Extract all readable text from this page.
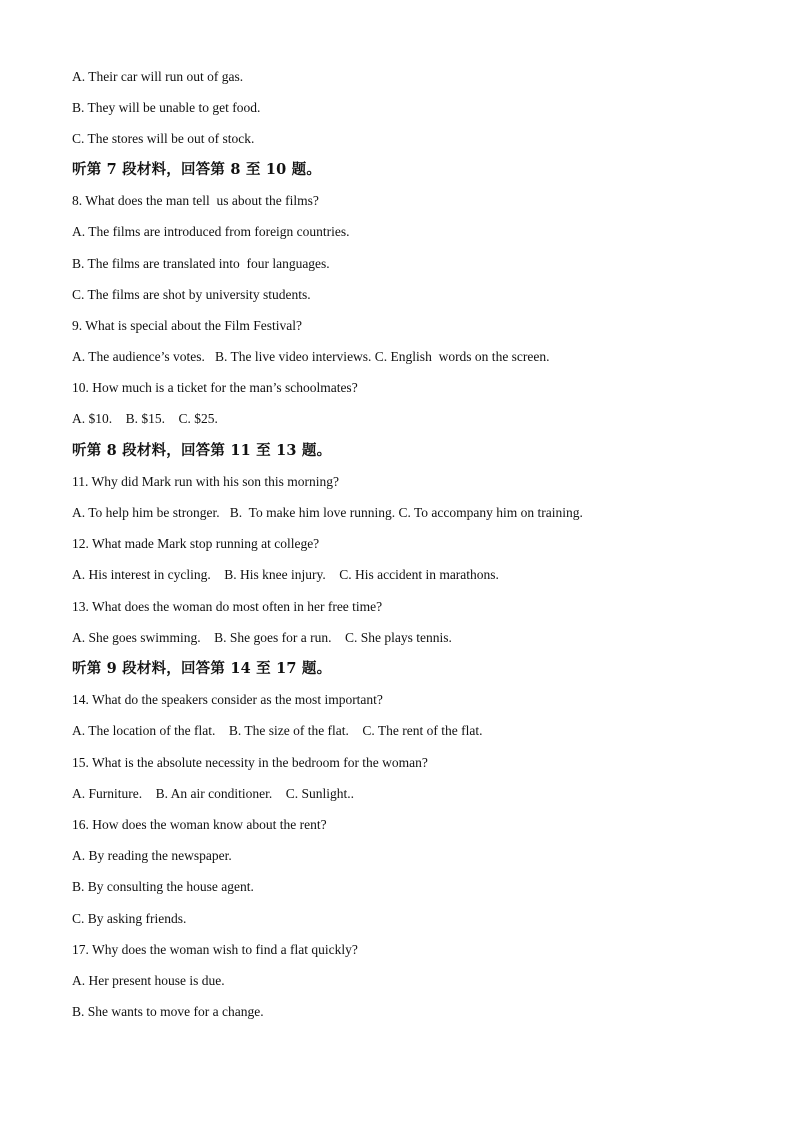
A. Their car will run out of gas.
B. They will be unable to get food.
C. The stores will be out of stock.
听第 7 段材料，回答第 8 至 10 题。
8. What does the man tell  us about the films?
A. The films are introduced from foreign countries.
B. The films are translated into  four languages.
C. The films are shot by university students.
9. What is special about the Film Festival?
A. The audience’s votes.   B. The live video interviews. C. English  words on the screen.
10. How much is a ticket for the man’s schoolmates?
A. $10.    B. $15.    C. $25.
听第 8 段材料，回答第 11 至 13 题。
11. Why did Mark run with his son this morning?
A. To help him be stronger.   B.  To make him love running. C. To accompany him on training.
12. What made Mark stop running at college?
A. His interest in cycling.    B. His knee injury.    C. His accident in marathons.
13. What does the woman do most often in her free time?
A. She goes swimming.    B. She goes for a run.    C. She plays tennis.
听第 9 段材料，回答第 14 至 17 题。
14. What do the speakers consider as the most important?
A. The location of the flat.    B. The size of the flat.    C. The rent of the flat.
15. What is the absolute necessity in the bedroom for the woman?
A. Furniture.    B. An air conditioner.    C. Sunlight..
16. How does the woman know about the rent?
A. By reading the newspaper.
B. By consulting the house agent.
C. By asking friends.
17. Why does the woman wish to find a flat quickly?
A. Her present house is due.
B. She wants to move for a change.
